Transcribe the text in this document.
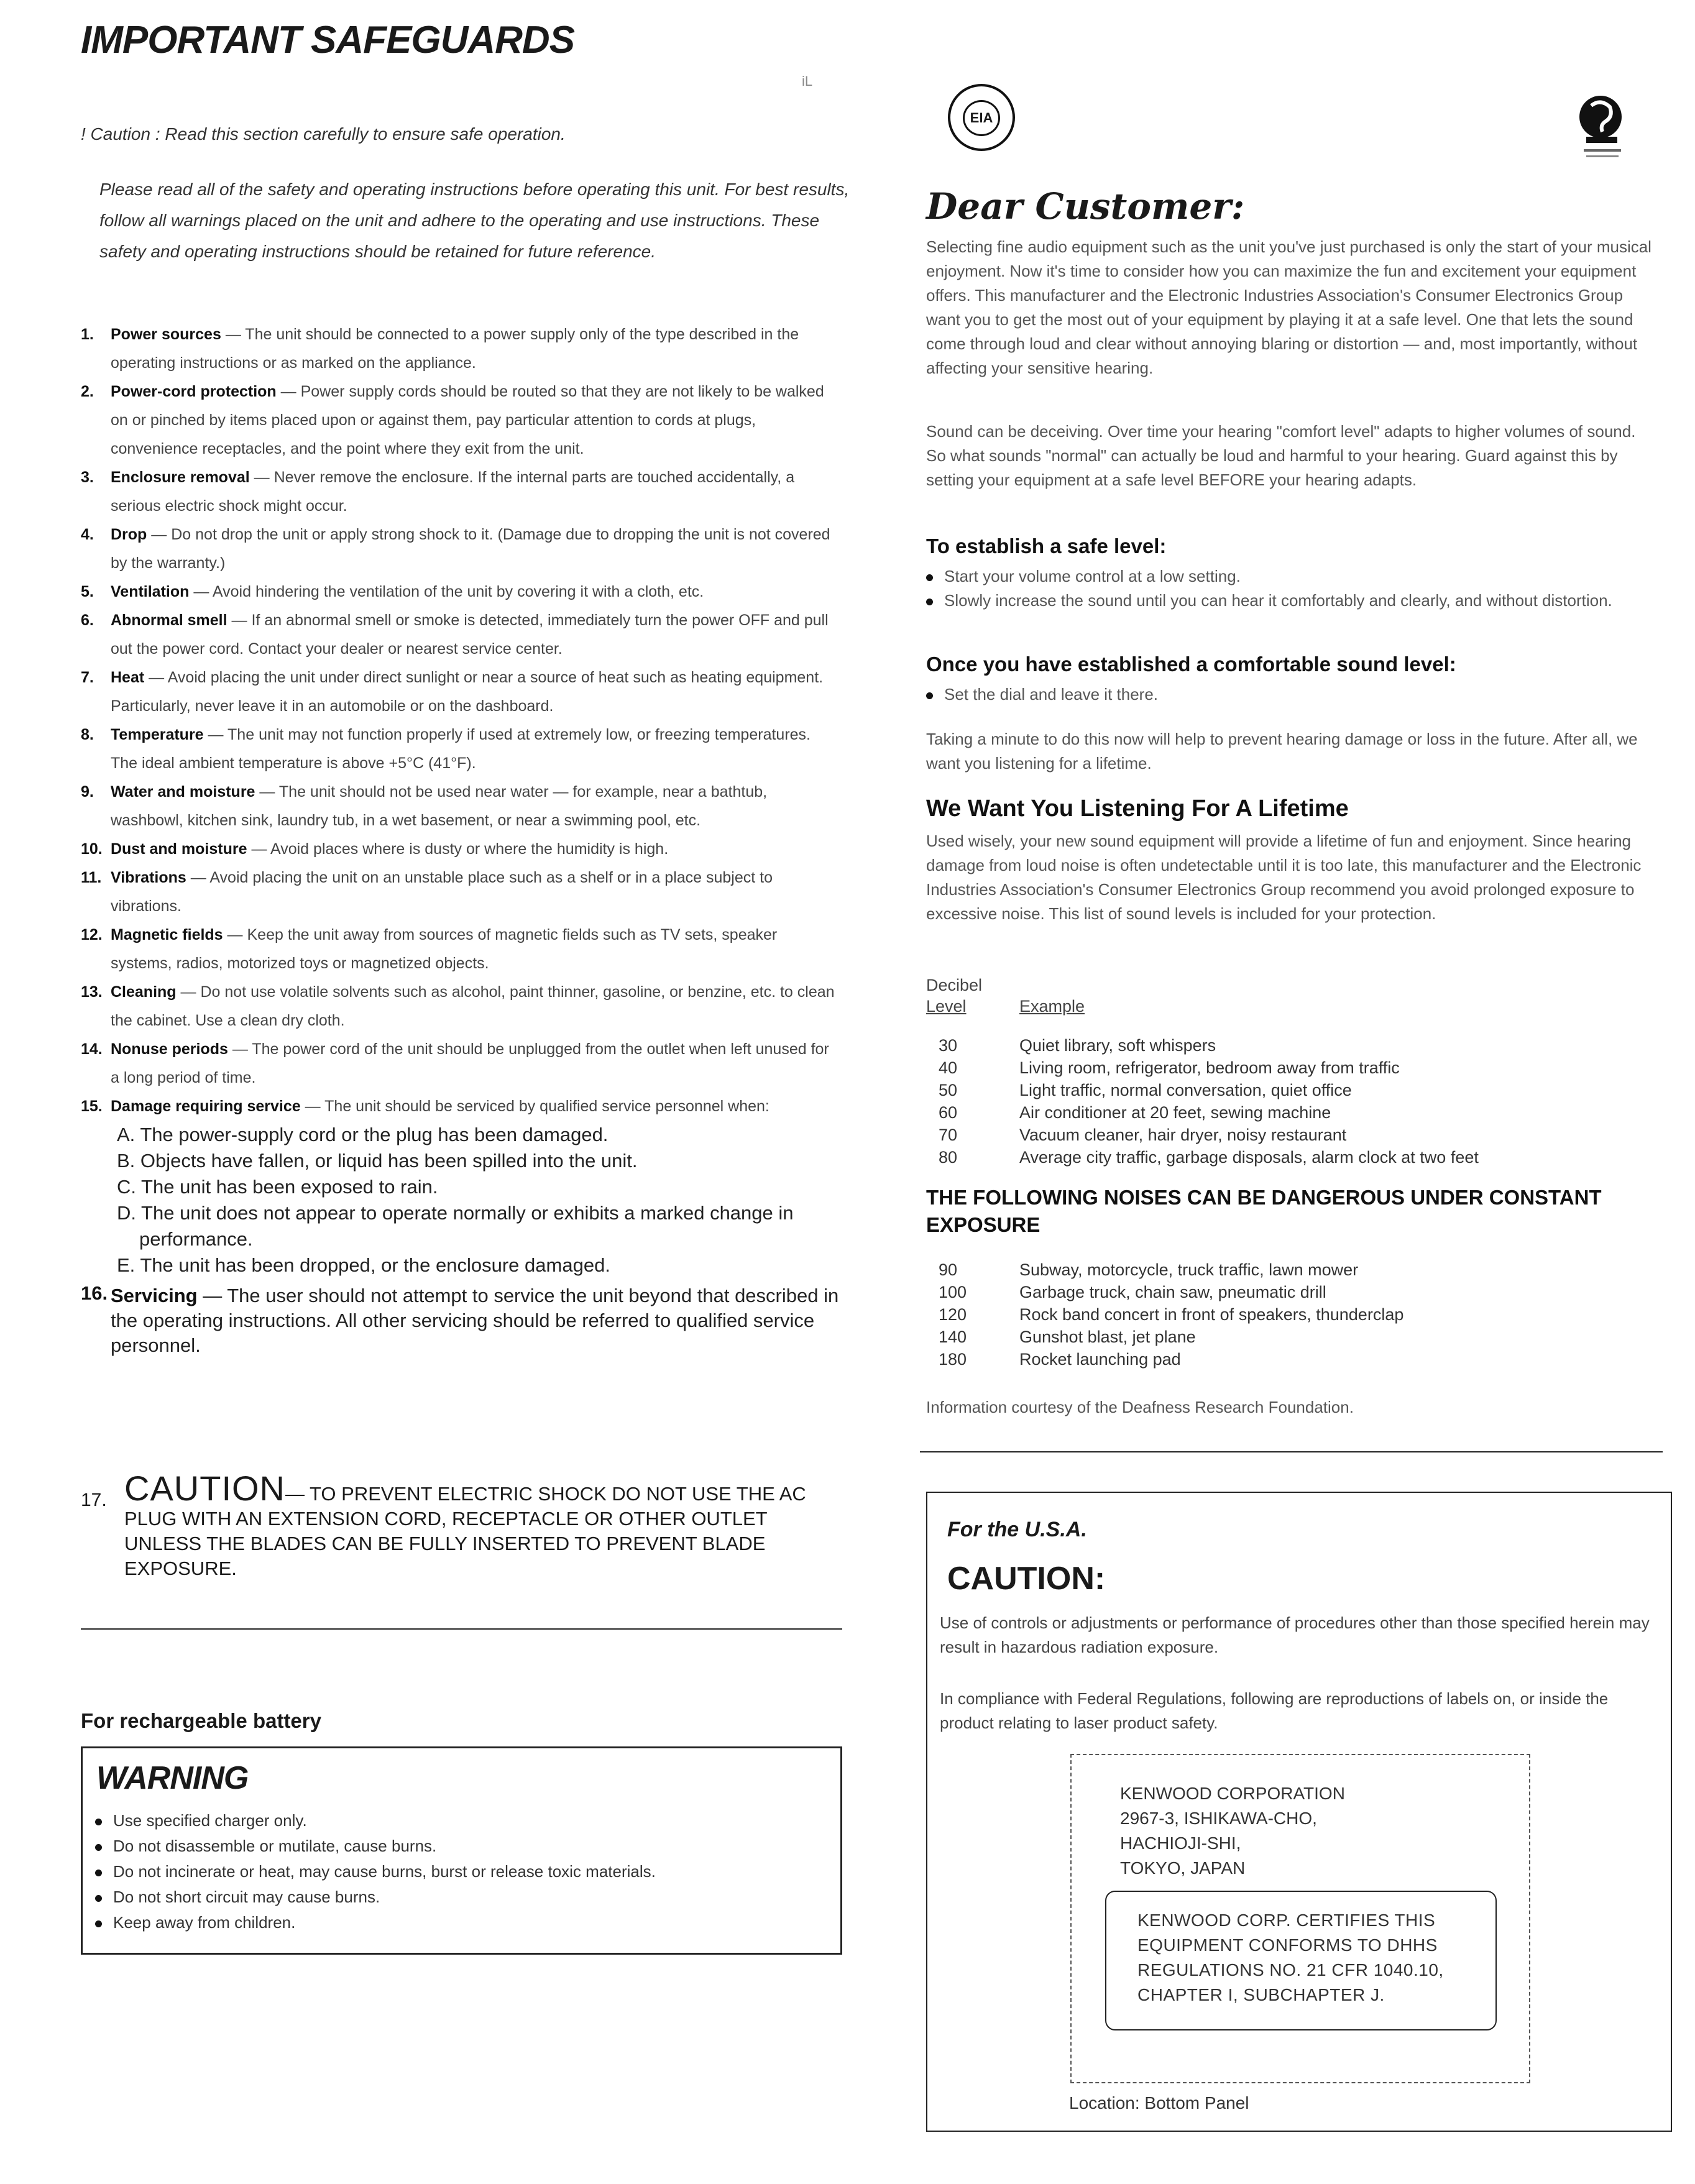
IMPORTANT SAFEGUARDS
iL
! Caution : Read this section carefully to ensure safe operation.
Please read all of the safety and operating instructions before operating this unit. For best results, follow all warnings placed on the unit and adhere to the operating and use instructions. These safety and operating instructions should be retained for future reference.
1. Power sources — The unit should be connected to a power supply only of the type described in the operating instructions or as marked on the appliance.
2. Power-cord protection — Power supply cords should be routed so that they are not likely to be walked on or pinched by items placed upon or against them, pay particular attention to cords at plugs, convenience receptacles, and the point where they exit from the unit.
3. Enclosure removal — Never remove the enclosure. If the internal parts are touched accidentally, a serious electric shock might occur.
4. Drop — Do not drop the unit or apply strong shock to it. (Damage due to dropping the unit is not covered by the warranty.)
5. Ventilation — Avoid hindering the ventilation of the unit by covering it with a cloth, etc.
6. Abnormal smell — If an abnormal smell or smoke is detected, immediately turn the power OFF and pull out the power cord. Contact your dealer or nearest service center.
7. Heat — Avoid placing the unit under direct sunlight or near a source of heat such as heating equipment. Particularly, never leave it in an automobile or on the dashboard.
8. Temperature — The unit may not function properly if used at extremely low, or freezing temperatures. The ideal ambient temperature is above +5°C (41°F).
9. Water and moisture — The unit should not be used near water — for example, near a bathtub, washbowl, kitchen sink, laundry tub, in a wet basement, or near a swimming pool, etc.
10. Dust and moisture — Avoid places where is dusty or where the humidity is high.
11. Vibrations — Avoid placing the unit on an unstable place such as a shelf or in a place subject to vibrations.
12. Magnetic fields — Keep the unit away from sources of magnetic fields such as TV sets, speaker systems, radios, motorized toys or magnetized objects.
13. Cleaning — Do not use volatile solvents such as alcohol, paint thinner, gasoline, or benzine, etc. to clean the cabinet. Use a clean dry cloth.
14. Nonuse periods — The power cord of the unit should be unplugged from the outlet when left unused for a long period of time.
15. Damage requiring service — The unit should be serviced by qualified service personnel when:
A. The power-supply cord or the plug has been damaged.
B. Objects have fallen, or liquid has been spilled into the unit.
C. The unit has been exposed to rain.
D. The unit does not appear to operate normally or exhibits a marked change in performance.
E. The unit has been dropped, or the enclosure damaged.
16. Servicing — The user should not attempt to service the unit beyond that described in the operating instructions. All other servicing should be referred to qualified service personnel.
17. CAUTION— TO PREVENT ELECTRIC SHOCK DO NOT USE THE AC PLUG WITH AN EXTENSION CORD, RECEPTACLE OR OTHER OUTLET UNLESS THE BLADES CAN BE FULLY INSERTED TO PREVENT BLADE EXPOSURE.
For rechargeable battery
WARNING
Use specified charger only.
Do not disassemble or mutilate, cause burns.
Do not incinerate or heat, may cause burns, burst or release toxic materials.
Do not short circuit may cause burns.
Keep away from children.
EIA
Dear Customer:
Selecting fine audio equipment such as the unit you've just purchased is only the start of your musical enjoyment. Now it's time to consider how you can maximize the fun and excitement your equipment offers. This manufacturer and the Electronic Industries Association's Consumer Electronics Group want you to get the most out of your equipment by playing it at a safe level. One that lets the sound come through loud and clear without annoying blaring or distortion — and, most importantly, without affecting your sensitive hearing.
Sound can be deceiving. Over time your hearing "comfort level" adapts to higher volumes of sound. So what sounds "normal" can actually be loud and harmful to your hearing. Guard against this by setting your equipment at a safe level BEFORE your hearing adapts.
To establish a safe level:
Start your volume control at a low setting.
Slowly increase the sound until you can hear it comfortably and clearly, and without distortion.
Once you have established a comfortable sound level:
Set the dial and leave it there.
Taking a minute to do this now will help to prevent hearing damage or loss in the future. After all, we want you listening for a lifetime.
We Want You Listening For A Lifetime
Used wisely, your new sound equipment will provide a lifetime of fun and enjoyment. Since hearing damage from loud noise is often undetectable until it is too late, this manufacturer and the Electronic Industries Association's Consumer Electronics Group recommend you avoid prolonged exposure to excessive noise. This list of sound levels is included for your protection.
Decibel
Level	Example
30	Quiet library, soft whispers
40	Living room, refrigerator, bedroom away from traffic
50	Light traffic, normal conversation, quiet office
60	Air conditioner at 20 feet, sewing machine
70	Vacuum cleaner, hair dryer, noisy restaurant
80	Average city traffic, garbage disposals, alarm clock at two feet
THE FOLLOWING NOISES CAN BE DANGEROUS UNDER CONSTANT EXPOSURE
90	Subway, motorcycle, truck traffic, lawn mower
100	Garbage truck, chain saw, pneumatic drill
120	Rock band concert in front of speakers, thunderclap
140	Gunshot blast, jet plane
180	Rocket launching pad
Information courtesy of the Deafness Research Foundation.
For the U.S.A.
CAUTION:
Use of controls or adjustments or performance of procedures other than those specified herein may result in hazardous radiation exposure.
In compliance with Federal Regulations, following are reproductions of labels on, or inside the product relating to laser product safety.
KENWOOD CORPORATION
2967-3, ISHIKAWA-CHO,
HACHIOJI-SHI,
TOKYO, JAPAN
KENWOOD CORP. CERTIFIES THIS
EQUIPMENT CONFORMS TO DHHS
REGULATIONS NO. 21 CFR 1040.10,
CHAPTER I, SUBCHAPTER J.
Location: Bottom Panel
